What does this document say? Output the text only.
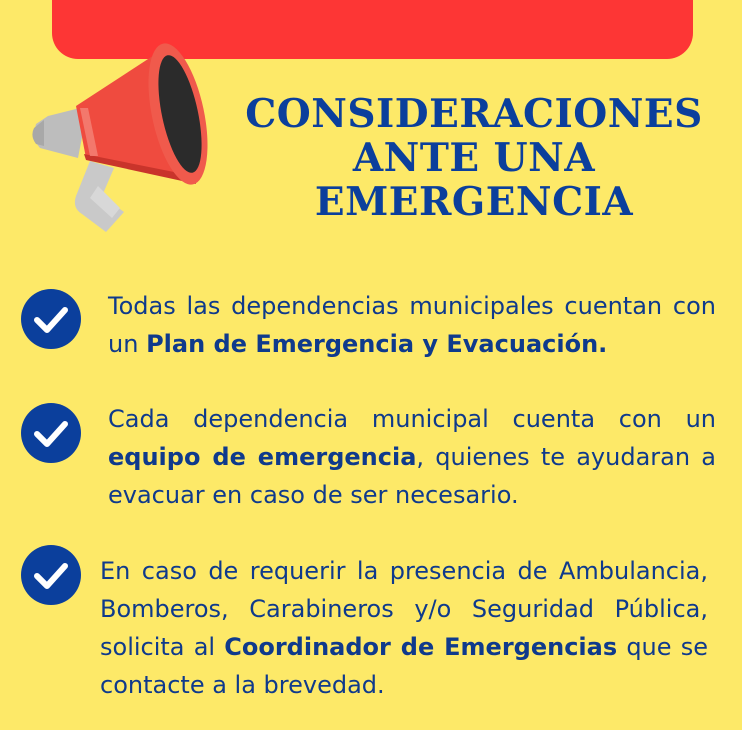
CONSIDERACIONES
ANTE UNA
EMERGENCIA

Todas las dependencias municipales cuentan con un Plan de Emergencia y Evacuación.

Cada dependencia municipal cuenta con un equipo de emergencia, quienes te ayudaran a evacuar en caso de ser necesario.

En caso de requerir la presencia de Ambulancia, Bomberos, Carabineros y/o Seguridad Pública, solicita al Coordinador de Emergencias que se contacte a la brevedad.
